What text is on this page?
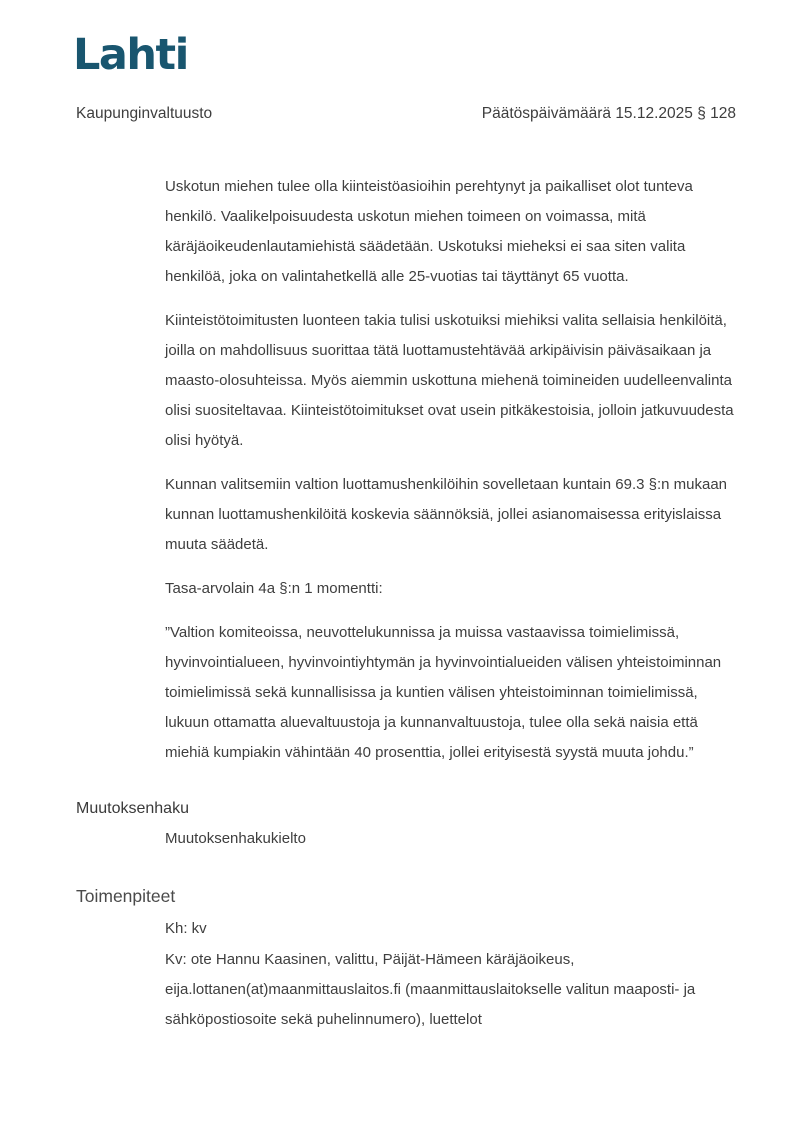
Lahti
Kaupunginvaltuusto	Päätöspäivämäärä 15.12.2025 § 128

Uskotun miehen tulee olla kiinteistöasioihin perehtynyt ja paikalliset olot tunteva henkilö. Vaalikelpoisuudesta uskotun miehen toimeen on voimassa, mitä käräjäoikeudenlautamiehistä säädetään. Uskotuksi mieheksi ei saa siten valita henkilöä, joka on valintahetkellä alle 25-vuotias tai täyttänyt 65 vuotta.

Kiinteistötoimitusten luonteen takia tulisi uskotuiksi miehiksi valita sellaisia henkilöitä, joilla on mahdollisuus suorittaa tätä luottamustehtävää arkipäivisin päiväsaikaan ja maasto-olosuhteissa. Myös aiemmin uskottuna miehenä toimineiden uudelleenvalinta olisi suositeltavaa. Kiinteistötoimitukset ovat usein pitkäkestoisia, jolloin jatkuvuudesta olisi hyötyä.

Kunnan valitsemiin valtion luottamushenkilöihin sovelletaan kuntain 69.3 §:n mukaan kunnan luottamushenkilöitä koskevia säännöksiä, jollei asianomaisessa erityislaissa muuta säädetä.

Tasa-arvolain 4a §:n 1 momentti:

”Valtion komiteoissa, neuvottelukunnissa ja muissa vastaavissa toimielimissä, hyvinvointialueen, hyvinvointiyhtymän ja hyvinvointialueiden välisen yhteistoiminnan toimielimissä sekä kunnallisissa ja kuntien välisen yhteistoiminnan toimielimissä, lukuun ottamatta aluevaltuustoja ja kunnanvaltuustoja, tulee olla sekä naisia että miehiä kumpiakin vähintään 40 prosenttia, jollei erityisestä syystä muuta johdu.”

Muutoksenhaku
Muutoksenhakukielto
Toimenpiteet

Kh: kv

Kv: ote Hannu Kaasinen, valittu, Päijät-Hämeen käräjäoikeus, eija.lottanen(at)maanmittauslaitos.fi (maanmittauslaitokselle valitun maaposti- ja sähköpostiosoite sekä puhelinnumero), luettelot
